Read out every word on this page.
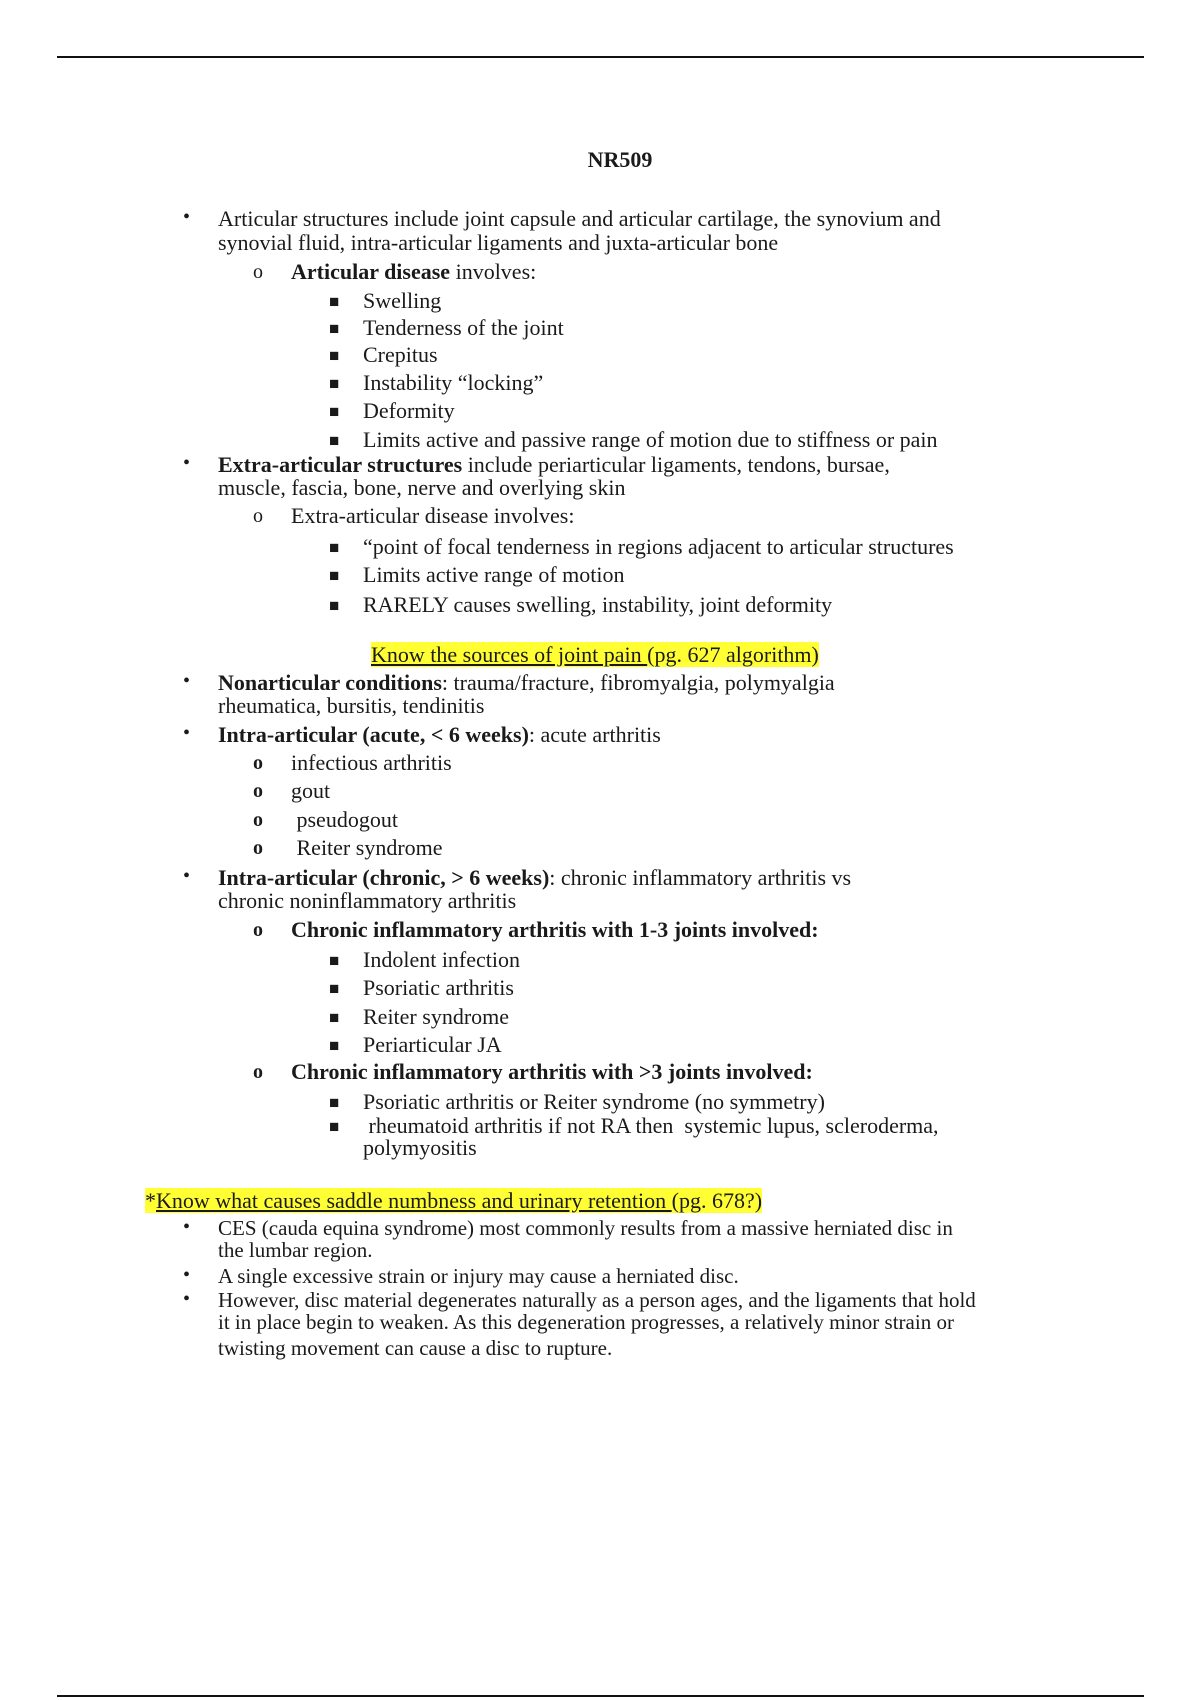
NR509
• Articular structures include joint capsule and articular cartilage, the synovium and
synovial fluid, intra-articular ligaments and juxta-articular bone
o Articular disease involves:
■ Swelling
■ Tenderness of the joint
■ Crepitus
■ Instability “locking”
■ Deformity
■ Limits active and passive range of motion due to stiffness or pain
• Extra-articular structures include periarticular ligaments, tendons, bursae,
muscle, fascia, bone, nerve and overlying skin
o Extra-articular disease involves:
■ “point of focal tenderness in regions adjacent to articular structures
■ Limits active range of motion
■ RARELY causes swelling, instability, joint deformity
Know the sources of joint pain (pg. 627 algorithm)
• Nonarticular conditions: trauma/fracture, fibromyalgia, polymyalgia
rheumatica, bursitis, tendinitis
• Intra-articular (acute, < 6 weeks): acute arthritis
o infectious arthritis
o gout
o pseudogout
o Reiter syndrome
• Intra-articular (chronic, > 6 weeks): chronic inflammatory arthritis vs
chronic noninflammatory arthritis
o Chronic inflammatory arthritis with 1-3 joints involved:
■ Indolent infection
■ Psoriatic arthritis
■ Reiter syndrome
■ Periarticular JA
o Chronic inflammatory arthritis with >3 joints involved:
■ Psoriatic arthritis or Reiter syndrome (no symmetry)
■ rheumatoid arthritis if not RA then  systemic lupus, scleroderma,
polymyositis
*Know what causes saddle numbness and urinary retention (pg. 678?)
• CES (cauda equina syndrome) most commonly results from a massive herniated disc in
the lumbar region.
• A single excessive strain or injury may cause a herniated disc.
• However, disc material degenerates naturally as a person ages, and the ligaments that hold
it in place begin to weaken. As this degeneration progresses, a relatively minor strain or
twisting movement can cause a disc to rupture.
